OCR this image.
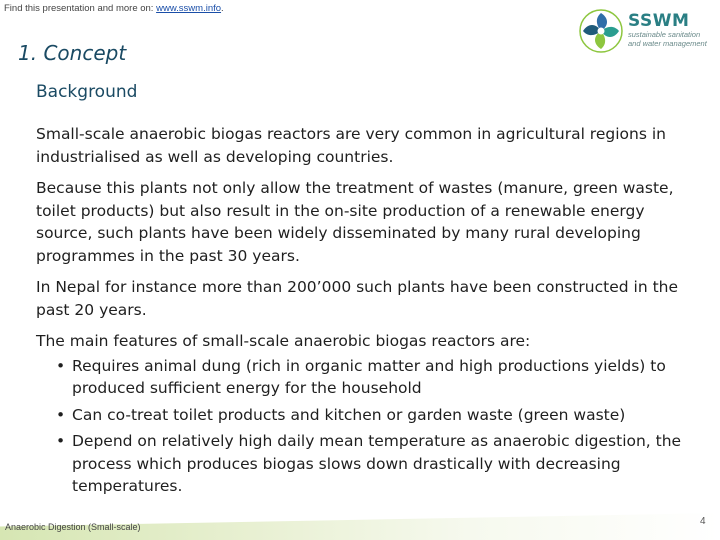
Find this presentation and more on: www.sswm.info.
SSWM
sustainable sanitation
and water management
1. Concept
Background

Small-scale anaerobic biogas reactors are very common in agricultural regions in industrialised as well as developing countries.

Because this plants not only allow the treatment of wastes (manure, green waste, toilet products) but also result in the on-site production of a renewable energy source, such plants have been widely disseminated by many rural developing programmes in the past 30 years.

In Nepal for instance more than 200’000 such plants have been constructed in the past 20 years.

The main features of small-scale anaerobic biogas reactors are:

• Requires animal dung (rich in organic matter and high productions yields) to produced sufficient energy for the household
• Can co-treat toilet products and kitchen or garden waste (green waste)
• Depend on relatively high daily mean temperature as anaerobic digestion, the process which produces biogas slows down drastically with decreasing temperatures.
Anaerobic Digestion (Small-scale)	4
